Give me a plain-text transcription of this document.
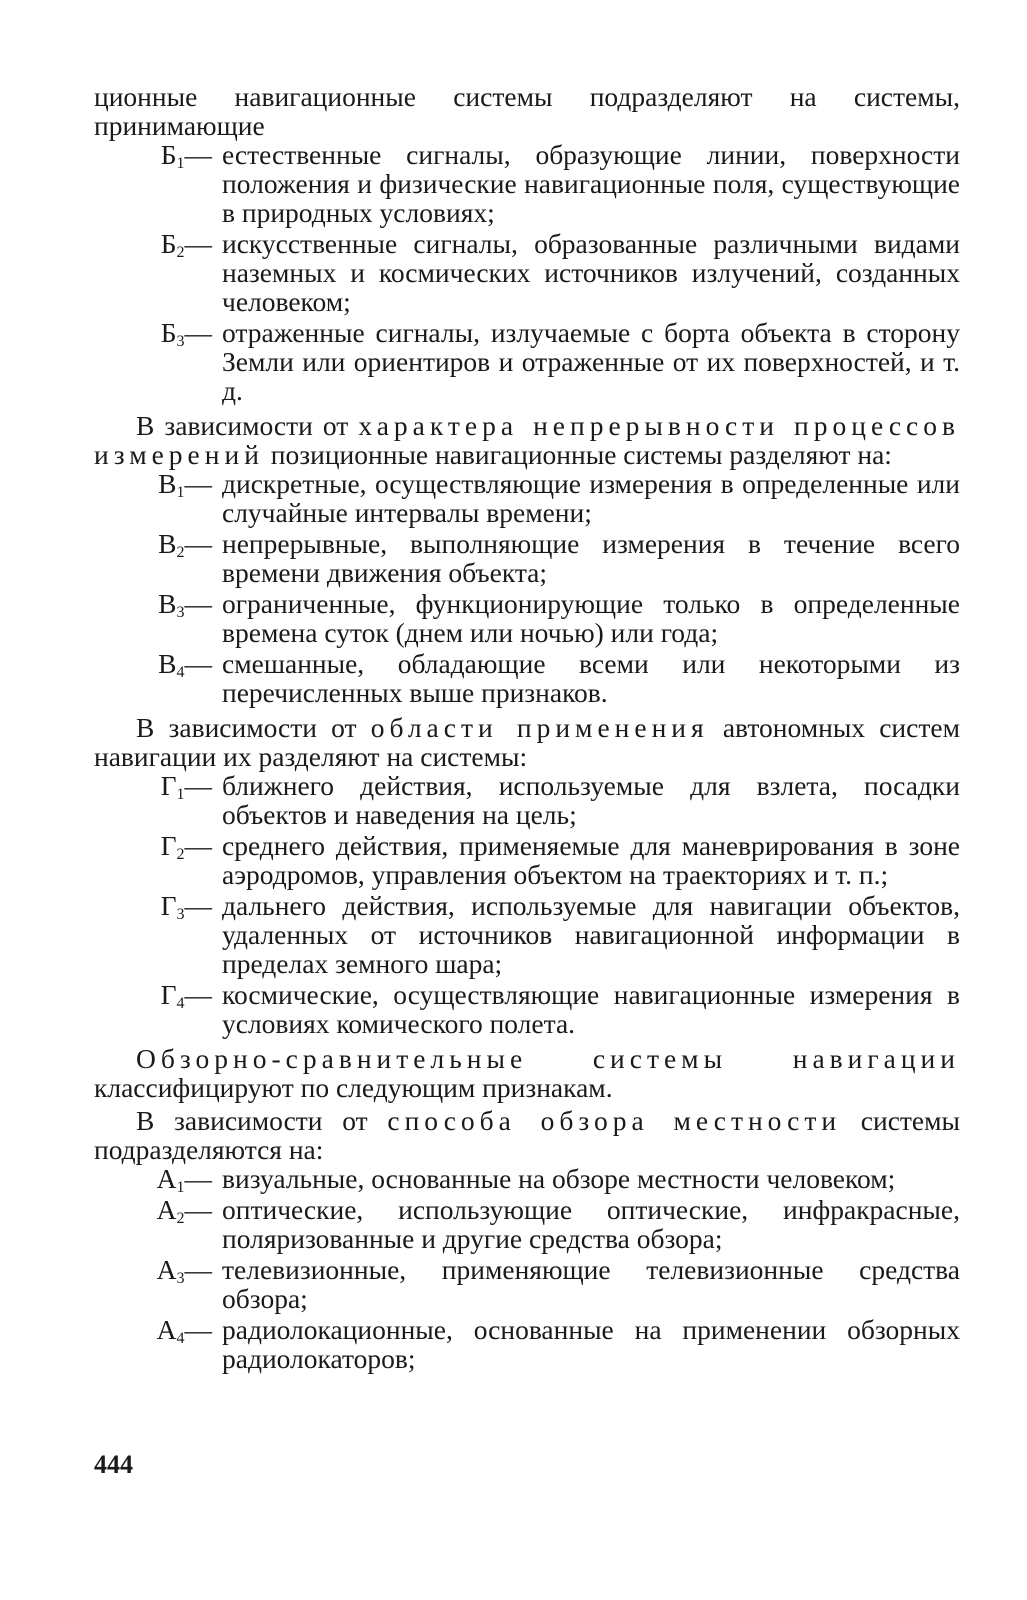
ционные навигационные системы подразделяют на системы, принимающие

$Б_1—$ естественные сигналы, образующие линии, поверхности положения и физические навигационные поля, существующие в природных условиях;
$Б_2—$ искусственные сигналы, образованные различными видами наземных и космических источников излучений, созданных человеком;
$Б_3—$ отраженные сигналы, излучаемые с борта объекта в сторону Земли или ориентиров и отраженные от их поверхностей, и т. д.

В зависимости от характера непрерывности процессов измерений позиционные навигационные системы разделяют на:

$В_1—$ дискретные, осуществляющие измерения в определенные или случайные интервалы времени;
$В_2—$ непрерывные, выполняющие измерения в течение всего времени движения объекта;
$В_3—$ ограниченные, функционирующие только в определенные времена суток (днем или ночью) или года;
$В_4—$ смешанные, обладающие всеми или некоторыми из перечисленных выше признаков.

В зависимости от области применения автономных систем навигации их разделяют на системы:

$Г_1—$ ближнего действия, используемые для взлета, посадки объектов и наведения на цель;
$Г_2—$ среднего действия, применяемые для маневрирования в зоне аэродромов, управления объектом на траекториях и т. п.;
$Г_3—$ дальнего действия, используемые для навигации объектов, удаленных от источников навигационной информации в пределах земного шара;
$Г_4—$ космические, осуществляющие навигационные измерения в условиях комического полета.

Обзорно-сравнительные системы навигации классифицируют по следующим признакам.

В зависимости от способа обзора местности системы подразделяются на:

$А_1—$ визуальные, основанные на обзоре местности человеком;
$А_2—$ оптические, использующие оптические, инфракрасные, поляризованные и другие средства обзора;
$А_3—$ телевизионные, применяющие телевизионные средства обзора;
$А_4—$ радиолокационные, основанные на применении обзорных радиолокаторов;
444
